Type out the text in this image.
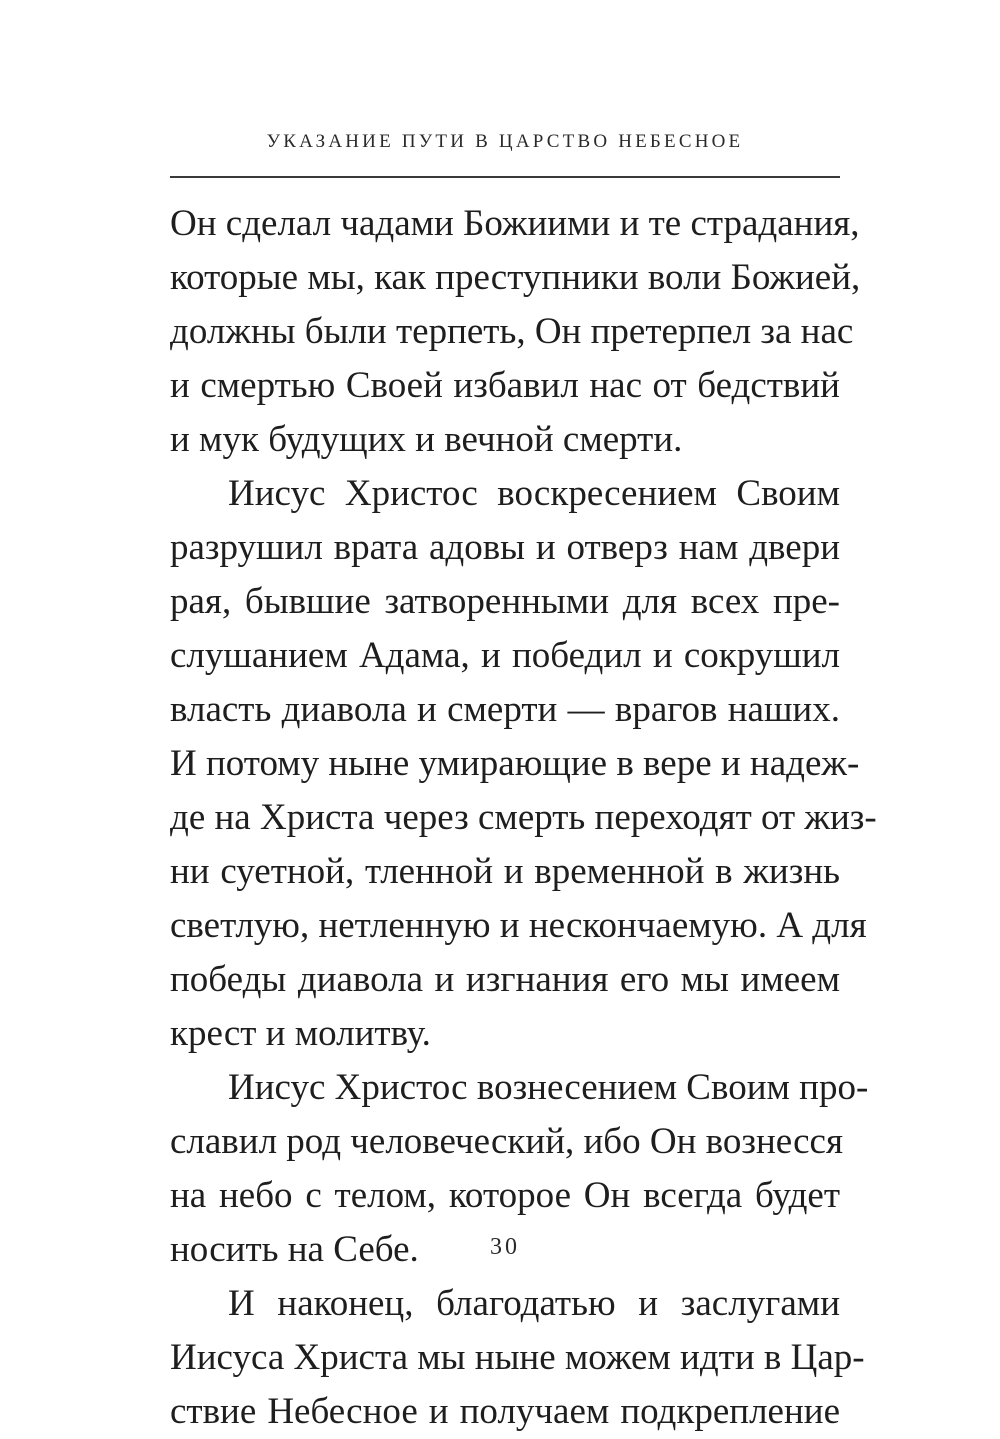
УКАЗАНИЕ ПУТИ В ЦАРСТВО НЕБЕСНОЕ
Он сделал чадами Божиими и те страдания,
которые мы, как преступники воли Божией,
должны были терпеть, Он претерпел за нас
и смертью Своей избавил нас от бедствий
и мук будущих и вечной смерти.
Иисус Христос воскресением Своим
разрушил врата адовы и отверз нам двери
рая, бывшие затворенными для всех пре-
слушанием Адама, и победил и сокрушил
власть диавола и смерти — врагов наших.
И потому ныне умирающие в вере и надеж-
де на Христа через смерть переходят от жиз-
ни суетной, тленной и временной в жизнь
светлую, нетленную и нескончаемую. А для
победы диавола и изгнания его мы имеем
крест и молитву.
Иисус Христос вознесением Своим про-
славил род человеческий, ибо Он вознесся
на небо с телом, которое Он всегда будет
носить на Себе.
И наконец, благодатью и заслугами
Иисуса Христа мы ныне можем идти в Цар-
ствие Небесное и получаем подкрепление
30
